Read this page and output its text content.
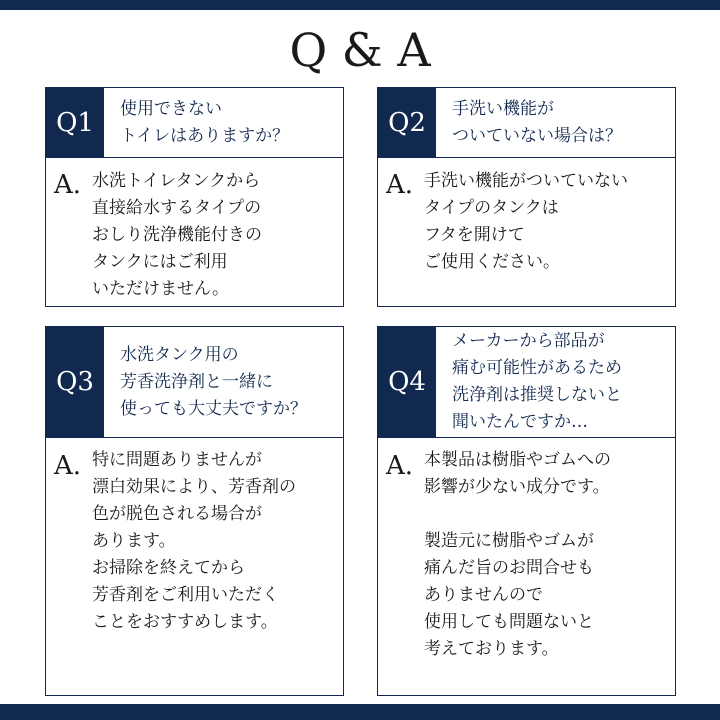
Q & A
Q1	使用できない
トイレはありますか？
A. 水洗トイレタンクから
直接給水するタイプの
おしり洗浄機能付きの
タンクにはご利用
いただけません。
Q2	手洗い機能が
ついていない場合は？
A. 手洗い機能がついていない
タイプのタンクは
フタを開けて
ご使用ください。
Q3
水洗タンク用の
芳香洗浄剤と一緒に
使っても大丈夫ですか？
A. 特に問題ありませんが
漂白効果により、芳香剤の
色が脱色される場合が
あります。
お掃除を終えてから
芳香剤をご利用いただく
ことをおすすめします。
Q4
メーカーから部品が
痛む可能性があるため
洗浄剤は推奨しないと
聞いたんですか…
A. 本製品は樹脂やゴムへの
影響が少ない成分です。

製造元に樹脂やゴムが
痛んだ旨のお問合せも
ありませんので
使用しても問題ないと
考えております。
